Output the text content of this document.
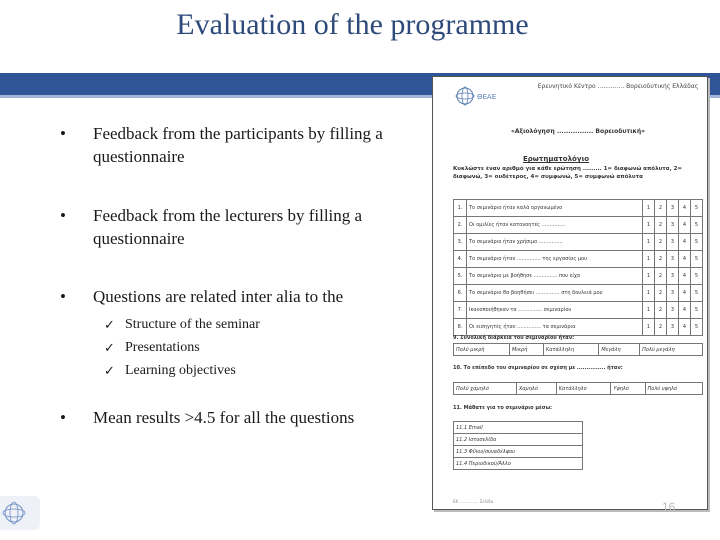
Evaluation of the programme
• Feedback from the participants by filling a questionnaire
• Feedback from the lecturers by filling a questionnaire
• Questions are related inter alia to the
✓ Structure of the seminar
✓ Presentations
✓ Learning objectives
• Mean results >4.5 for all the questions
ΘΕΑΕ
Ερευνητικό Κέντρο .............. Βορειοδυτικής Ελλάδας
«Αξιολόγηση ................ Βορειοδυτική»
Ερωτηματολόγιο
Κυκλώστε έναν αριθμό για κάθε ερώτηση ......... 1= διαφωνώ απόλυτα, 2= διαφωνώ, 3= ουδέτερος, 4= συμφωνώ, 5= συμφωνώ απόλυτα
1.	Το σεμινάριο ήταν καλά οργανωμένο	1	2	3	4	5
2.	Οι ομιλίες ήταν κατανοητές ...............	1	2	3	4	5
3.	Το σεμινάριο ήταν χρήσιμο ...............	1	2	3	4	5
4.	Το σεμινάριο ήταν ............... της εργασίας μου	1	2	3	4	5
5.	Το σεμινάριο με βοήθησε ............... που είχα	1	2	3	4	5
6.	Το σεμινάριο θα βοηθήσει ............... στη δουλειά μου	1	2	3	4	5
7.	Ικανοποιήθηκαν τα ............... σεμιναρίου	1	2	3	4	5
8.	Οι εισηγητές ήταν ............... τα σεμινάρια	1	2	3	4	5
9. Συνολική διάρκεια του σεμιναρίου ήταν:
Πολύ μικρή	Μικρή	Κατάλληλη	Μεγάλη	Πολύ μεγάλη
10. Το επίπεδο του σεμιναρίου σε σχέση με ............... ήταν:
Πολύ χαμηλό	Χαμηλό	Κατάλληλο	Υψηλό	Πολύ υψηλό
11. Μάθατε για το σεμινάριο μέσω:
11.1 Email
11.2 Ιστοσελίδα
11.3 Φίλου/συναδέλφου
11.4 Περιοδικού/Άλλο
ΕΚ ............... Σελίδα	16
